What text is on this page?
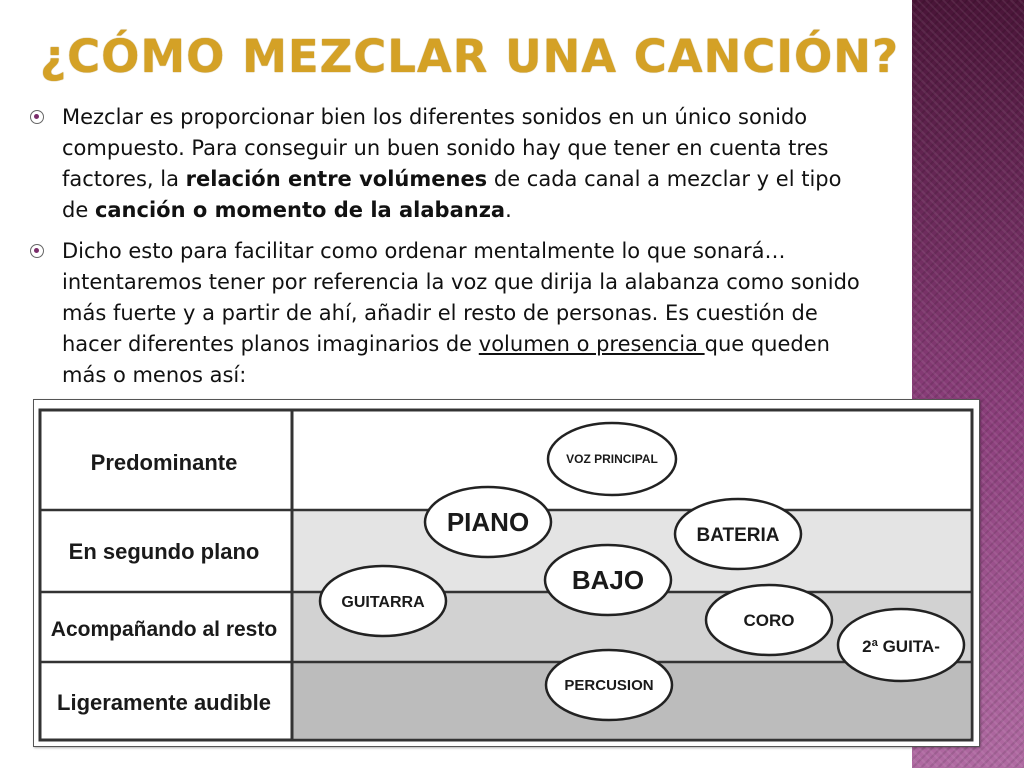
¿CÓMO MEZCLAR UNA CANCIÓN?
Mezclar es proporcionar bien los diferentes sonidos en un único sonido compuesto. Para conseguir un buen sonido hay que tener en cuenta tres factores, la relación entre volúmenes de cada canal a mezclar y el tipo de canción o momento de la alabanza.
Dicho esto para facilitar como ordenar mentalmente lo que sonará… intentaremos tener por referencia la voz que dirija la alabanza como sonido más fuerte y a partir de ahí, añadir el resto de personas. Es cuestión de hacer diferentes planos imaginarios de volumen o presencia que queden más o menos así:
Predominante
En segundo plano
Acompañando al resto
Ligeramente audible
VOZ PRINCIPAL
PIANO	BATERIA
BAJO
GUITARRA
CORO
2ª GUITA-
PERCUSION
